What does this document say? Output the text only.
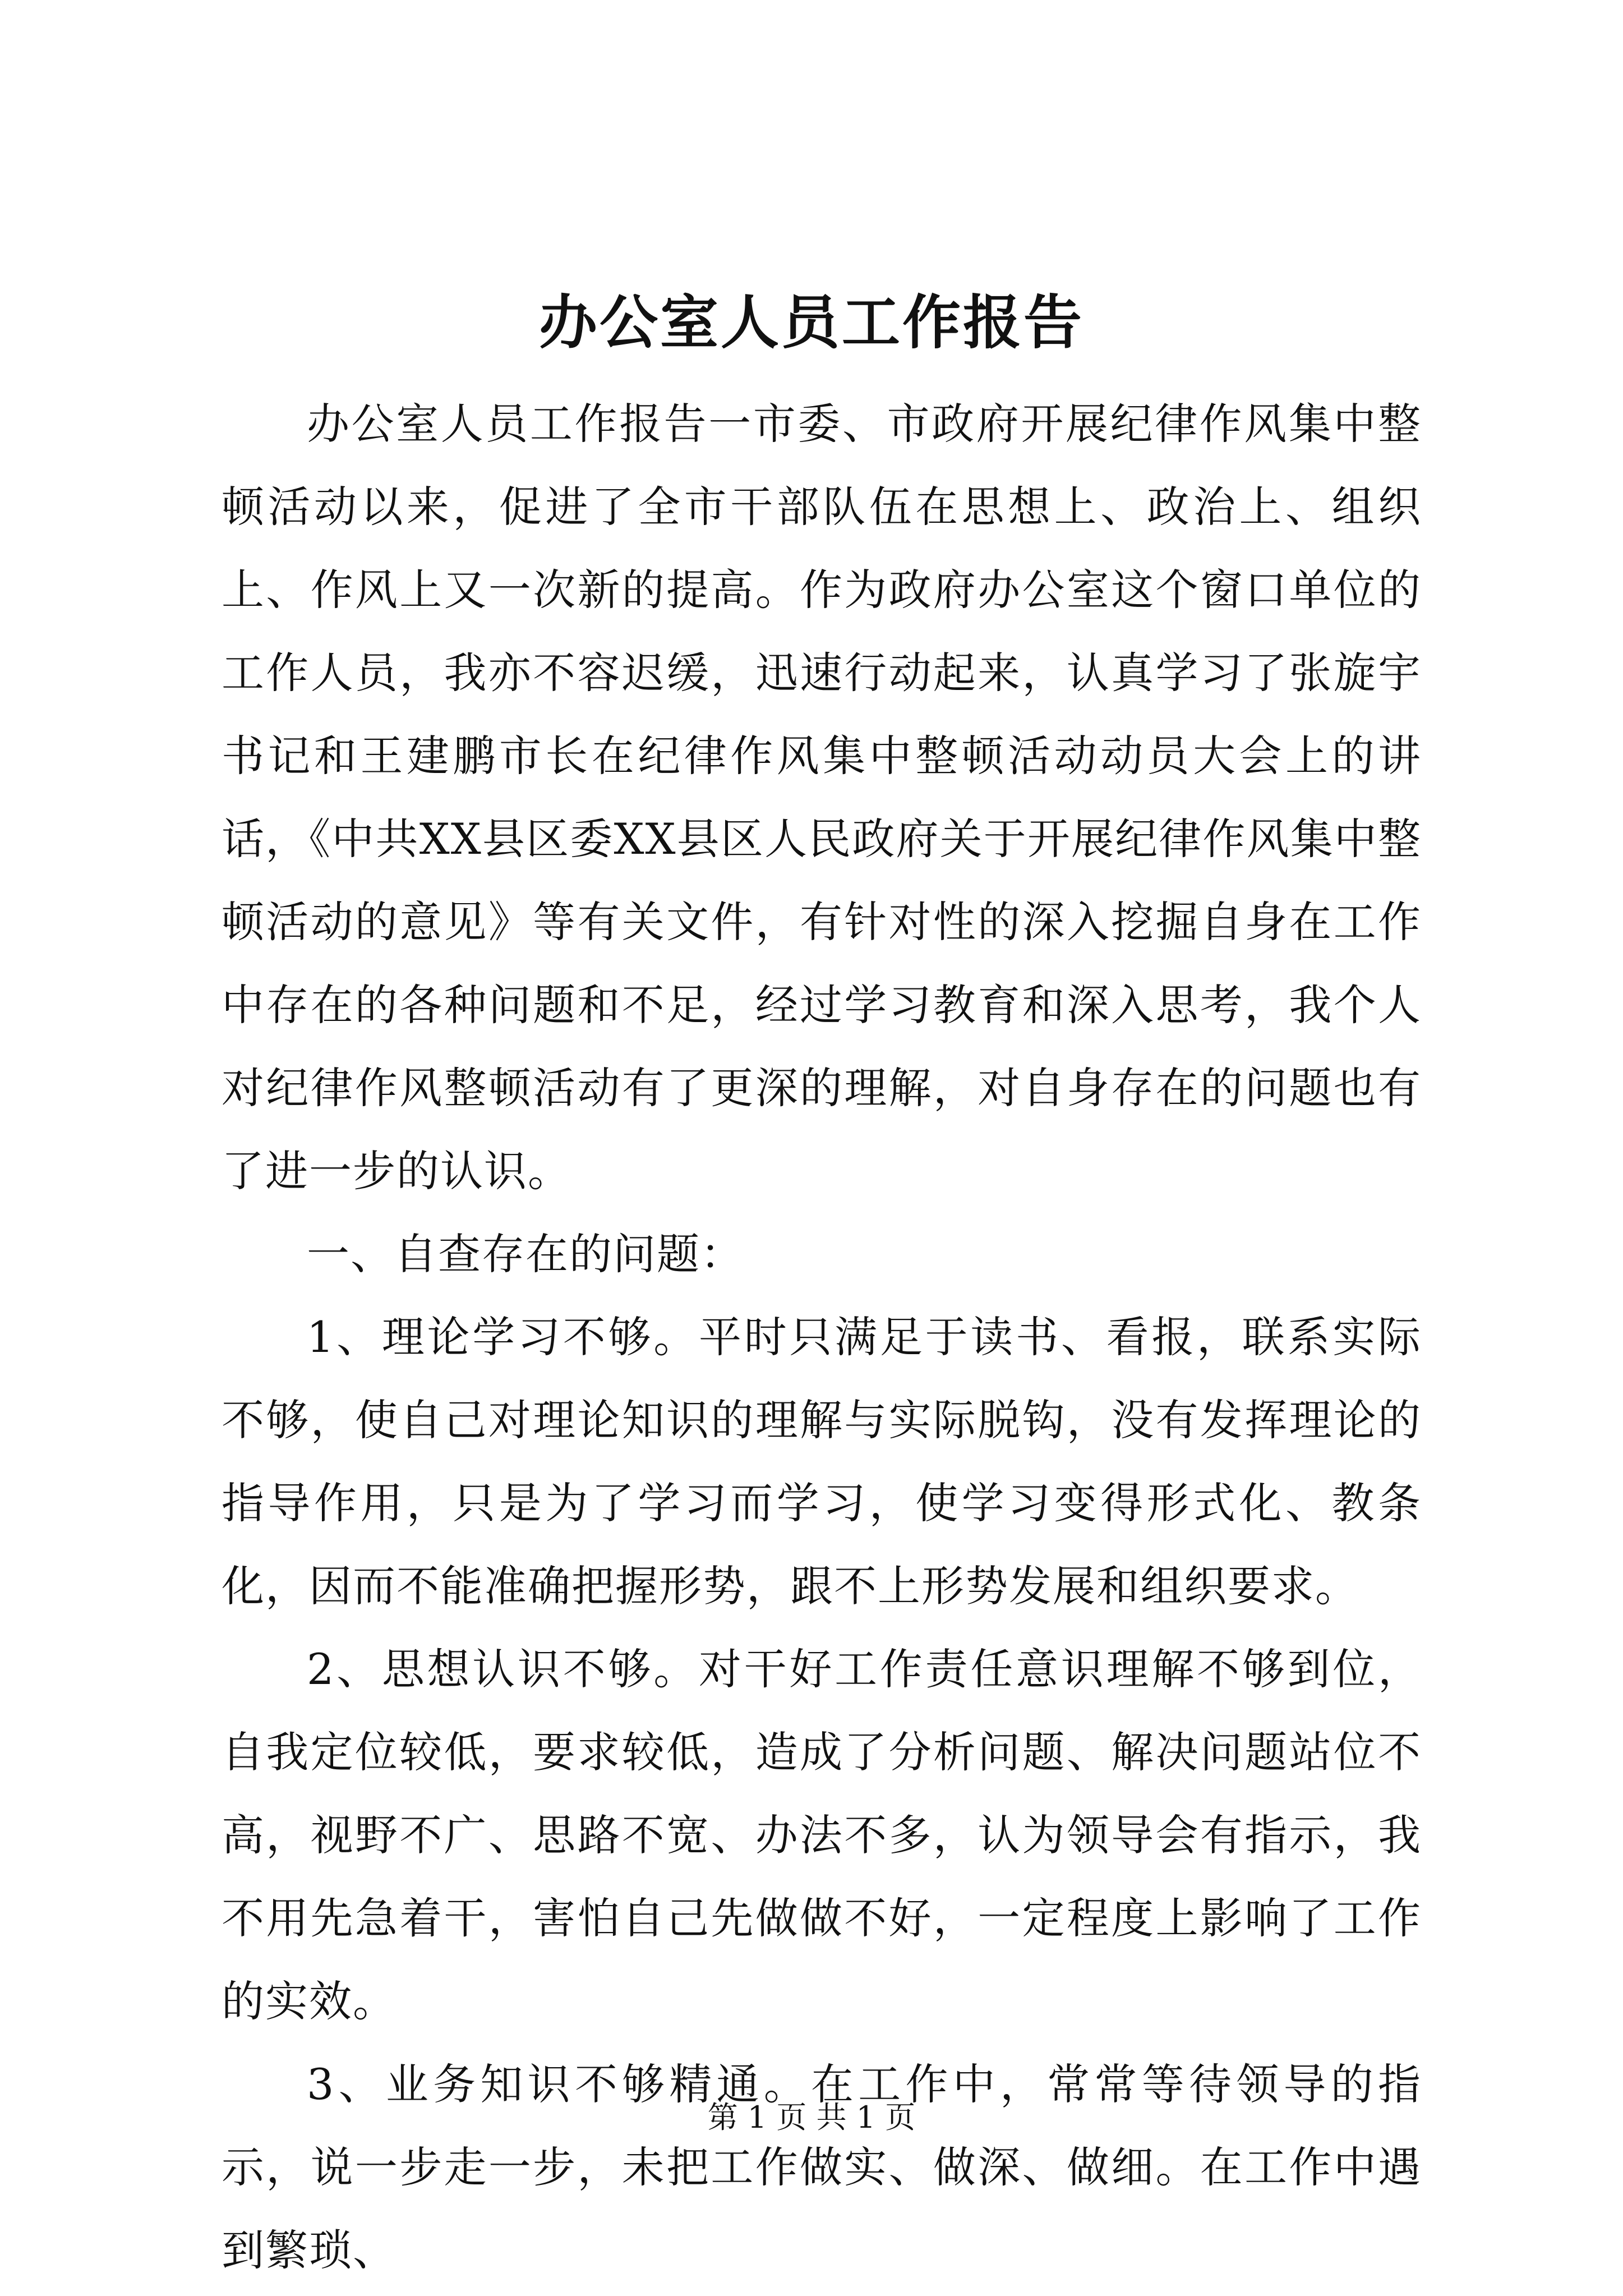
办公室人员工作报告

办公室人员工作报告一市委、市政府开展纪律作风集中整顿活动以来，促进了全市干部队伍在思想上、政治上、组织上、作风上又一次新的提高。作为政府办公室这个窗口单位的工作人员，我亦不容迟缓，迅速行动起来，认真学习了张旋宇书记和王建鹏市长在纪律作风集中整顿活动动员大会上的讲话，《中共XX县区委XX县区人民政府关于开展纪律作风集中整顿活动的意见》等有关文件，有针对性的深入挖掘自身在工作中存在的各种问题和不足，经过学习教育和深入思考，我个人对纪律作风整顿活动有了更深的理解，对自身存在的问题也有了进一步的认识。

一、自查存在的问题：

1、理论学习不够。平时只满足于读书、看报，联系实际不够，使自己对理论知识的理解与实际脱钩，没有发挥理论的指导作用，只是为了学习而学习，使学习变得形式化、教条化，因而不能准确把握形势，跟不上形势发展和组织要求。

2、思想认识不够。对干好工作责任意识理解不够到位，自我定位较低，要求较低，造成了分析问题、解决问题站位不高，视野不广、思路不宽、办法不多，认为领导会有指示，我不用先急着干，害怕自己先做做不好，一定程度上影响了工作的实效。

3、业务知识不够精通。在工作中，常常等待领导的指示，说一步走一步，未把工作做实、做深、做细。在工作中遇到繁琐、

第 1 页 共 1 页
